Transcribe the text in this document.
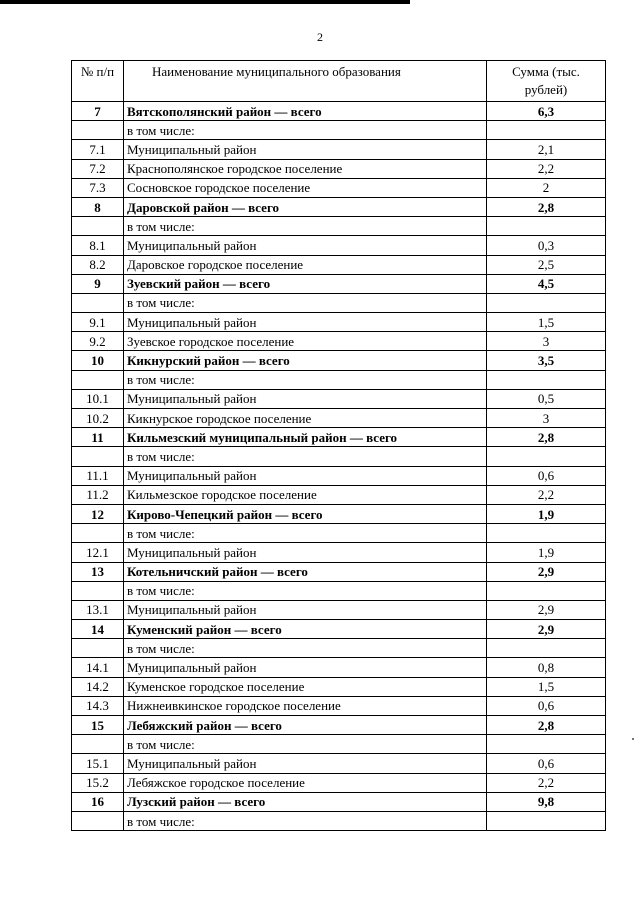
2
№ п/п	Наименование муниципального образования	Сумма (тыс. рублей)
7	Вятскополянский район — всего	6,3
	в том числе:	
7.1	Муниципальный район	2,1
7.2	Краснополянское городское поселение	2,2
7.3	Сосновское городское поселение	2
8	Даровской район — всего	2,8
	в том числе:	
8.1	Муниципальный район	0,3
8.2	Даровское городское поселение	2,5
9	Зуевский район — всего	4,5
	в том числе:	
9.1	Муниципальный район	1,5
9.2	Зуевское городское поселение	3
10	Кикнурский район — всего	3,5
	в том числе:	
10.1	Муниципальный район	0,5
10.2	Кикнурское городское поселение	3
11	Кильмезский муниципальный район — всего	2,8
	в том числе:	
11.1	Муниципальный район	0,6
11.2	Кильмезское городское поселение	2,2
12	Кирово-Чепецкий район — всего	1,9
	в том числе:	
12.1	Муниципальный район	1,9
13	Котельничский район — всего	2,9
	в том числе:	
13.1	Муниципальный район	2,9
14	Куменский район — всего	2,9
	в том числе:	
14.1	Муниципальный район	0,8
14.2	Куменское городское поселение	1,5
14.3	Нижнеивкинское городское поселение	0,6
15	Лебяжский район — всего	2,8
	в том числе:	
15.1	Муниципальный район	0,6
15.2	Лебяжское городское поселение	2,2
16	Лузский район — всего	9,8
	в том числе:	
